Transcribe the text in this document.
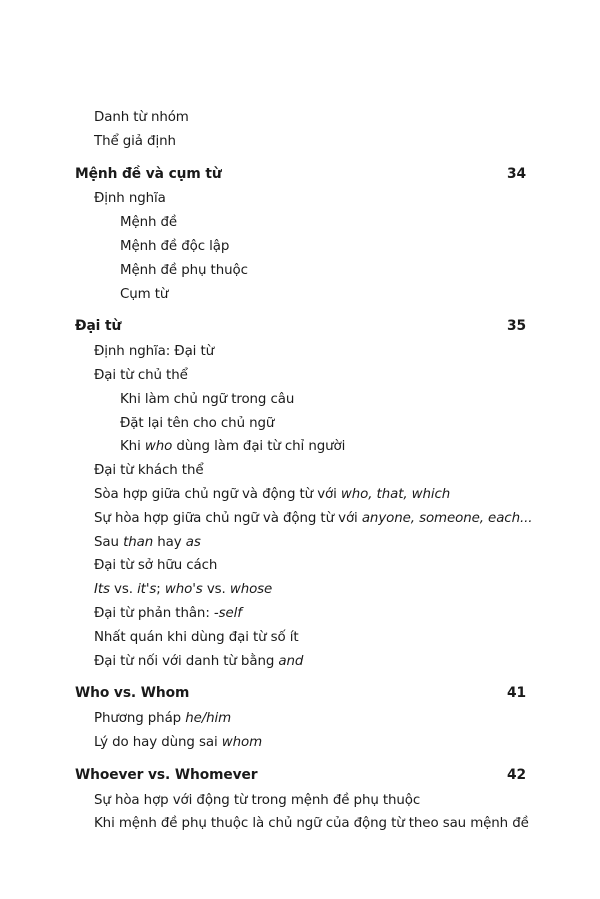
Danh từ nhóm
Thể giả định
Mệnh đề và cụm từ	34
Định nghĩa
Mệnh đề
Mệnh đề độc lập
Mệnh đề phụ thuộc
Cụm từ
Đại từ	35
Định nghĩa: Đại từ
Đại từ chủ thể
Khi làm chủ ngữ trong câu
Đặt lại tên cho chủ ngữ
Khi who dùng làm đại từ chỉ người
Đại từ khách thể
Sòa hợp giữa chủ ngữ và động từ với who, that, which
Sự hòa hợp giữa chủ ngữ và động từ với anyone, someone, each...
Sau than hay as
Đại từ sở hữu cách
Its vs. it's; who's vs. whose
Đại từ phản thân: -self
Nhất quán khi dùng đại từ số ít
Đại từ nối với danh từ bằng and
Who vs. Whom	41
Phương pháp he/him
Lý do hay dùng sai whom
Whoever vs. Whomever	42
Sự hòa hợp với động từ trong mệnh đề phụ thuộc
Khi mệnh đề phụ thuộc là chủ ngữ của động từ theo sau mệnh đề
